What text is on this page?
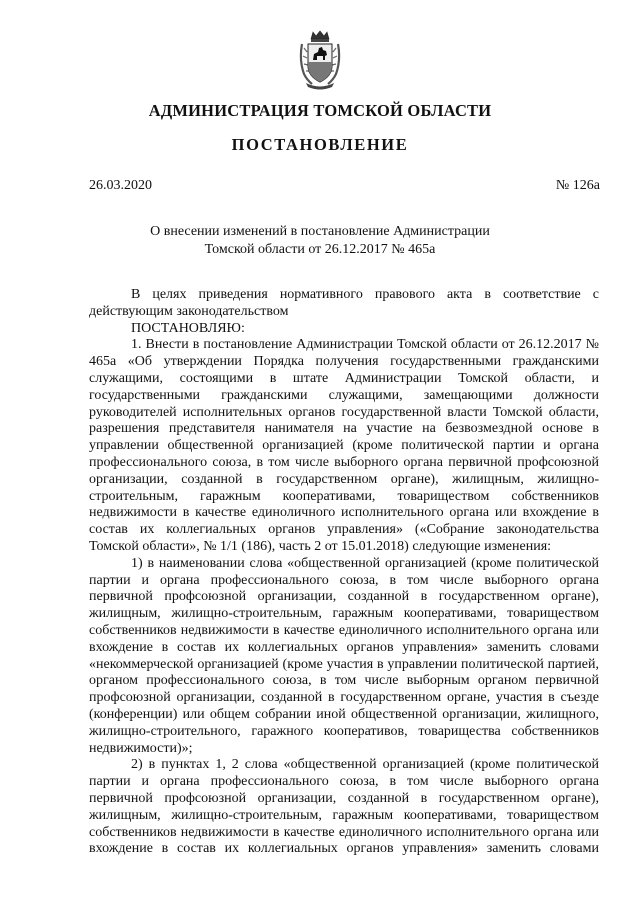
АДМИНИСТРАЦИЯ ТОМСКОЙ ОБЛАСТИ
ПОСТАНОВЛЕНИЕ
26.03.2020	№ 126а
О внесении изменений в постановление Администрации
Томской области от 26.12.2017 № 465а

В целях приведения нормативного правового акта в соответствие с действующим законодательством

ПОСТАНОВЛЯЮ:

1. Внести в постановление Администрации Томской области от 26.12.2017 № 465а «Об утверждении Порядка получения государственными гражданскими служащими, состоящими в штате Администрации Томской области, и государственными гражданскими служащими, замещающими должности руководителей исполнительных органов государственной власти Томской области, разрешения представителя нанимателя на участие на безвозмездной основе в управлении общественной организацией (кроме политической партии и органа профессионального союза, в том числе выборного органа первичной профсоюзной организации, созданной в государственном органе), жилищным, жилищно-строительным, гаражным кооперативами, товариществом собственников недвижимости в качестве единоличного исполнительного органа или вхождение в состав их коллегиальных органов управления» («Собрание законодательства Томской области», № 1/1 (186), часть 2 от 15.01.2018) следующие изменения:

1) в наименовании слова «общественной организацией (кроме политической партии и органа профессионального союза, в том числе выборного органа первичной профсоюзной организации, созданной в государственном органе), жилищным, жилищно-строительным, гаражным кооперативами, товариществом собственников недвижимости в качестве единоличного исполнительного органа или вхождение в состав их коллегиальных органов управления» заменить словами «некоммерческой организацией (кроме участия в управлении политической партией, органом профессионального союза, в том числе выборным органом первичной профсоюзной организации, созданной в государственном органе, участия в съезде (конференции) или общем собрании иной общественной организации, жилищного, жилищно-строительного, гаражного кооперативов, товарищества собственников недвижимости)»;

2) в пунктах 1, 2 слова «общественной организацией (кроме политической партии и органа профессионального союза, в том числе выборного органа первичной профсоюзной организации, созданной в государственном органе), жилищным, жилищно-строительным, гаражным кооперативами, товариществом собственников недвижимости в качестве единоличного исполнительного органа или вхождение в состав их коллегиальных органов управления» заменить словами
